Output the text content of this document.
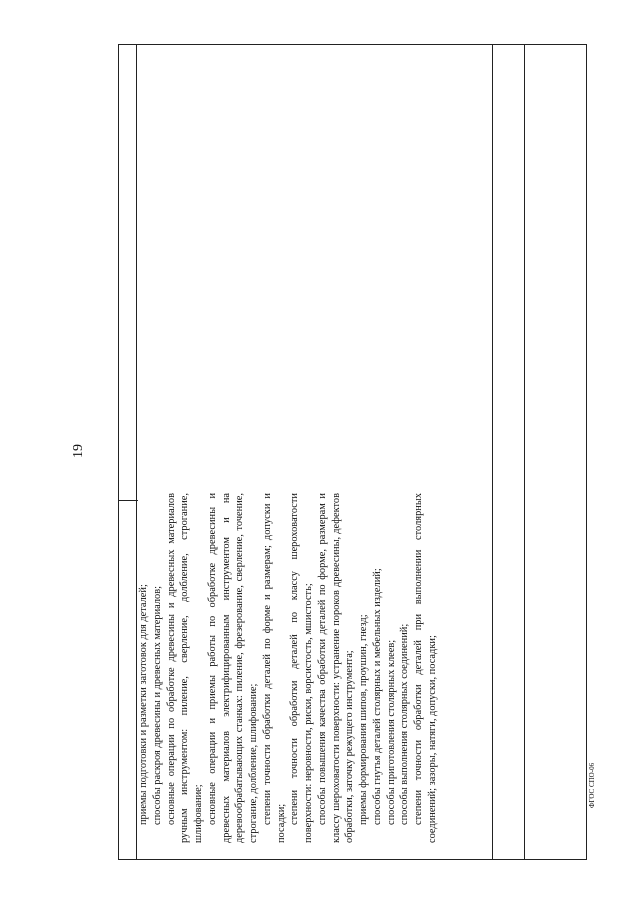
19

приемы подготовки и разметки заготовок для деталей; способы раскроя древесины и древесных материалов; основные операции по обработке древесины и древесных материалов ручным инструментом: пиление, сверление, долбление, строгание, шлифование; основные операции и приемы работы по обработке древесины и древесных материалов электрифицированным инструментом и на деревообрабатывающих станках: пиление, фрезерование, сверление, точение, строгание, долбление, шлифование; степени точности обработки деталей по форме и размерам; допуски и посадки; степени точности обработки деталей по классу шероховатости поверхности: неровности, риски, ворсистость, мшистость; способы повышения качества обработки деталей по форме, размерам и классу шероховатости поверхности: устранение пороков древесины, дефектов обработки, заточку режущего инструмента; приемы формирования шипов, проушин, гнезд; способы гнутья деталей столярных и мебельных изделий; способы приготовления столярных клеев; способы выполнения столярных соединений; степени точности обработки деталей при выполнении столярных соединений; зазоры, натяги, допуски, посадки;	ФГОС СПО-06
